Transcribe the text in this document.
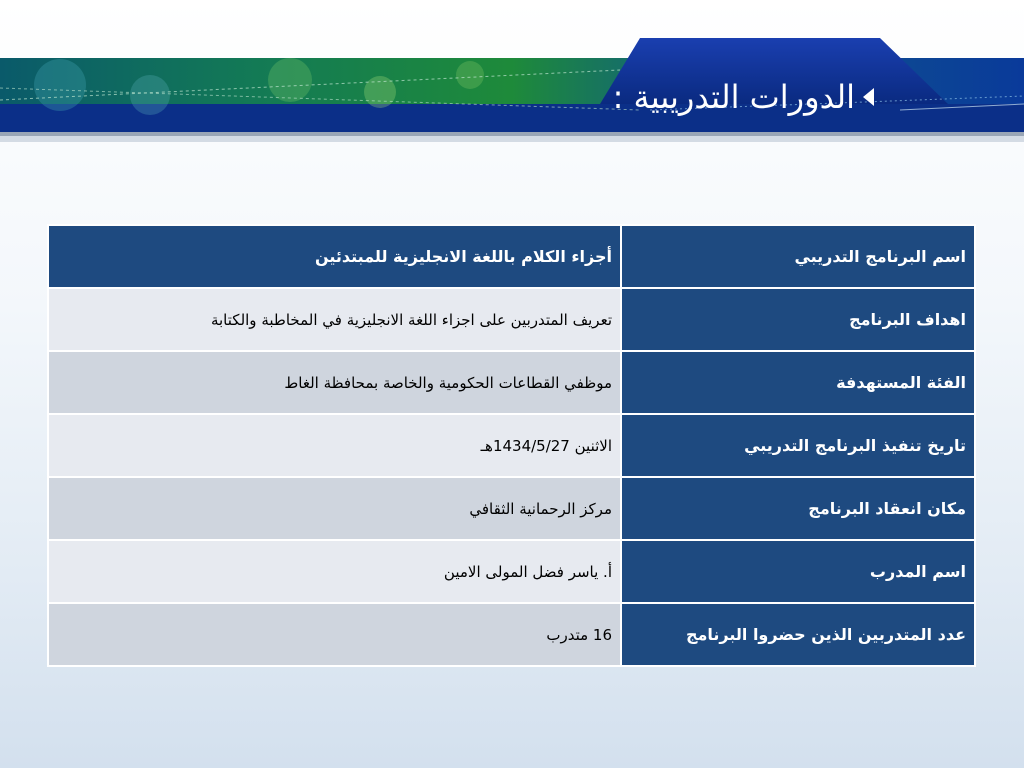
الدورات التدريبية :
اسم البرنامج التدريبي	أجزاء الكلام باللغة الانجليزية للمبتدئين
اهداف البرنامج	تعريف المتدربين على اجزاء اللغة الانجليزية في المخاطبة والكتابة
الفئة المستهدفة	موظفي القطاعات الحكومية والخاصة بمحافظة الغاط
تاريخ تنفيذ البرنامج التدريبي	الاثنين 1434/5/27هـ
مكان انعقاد البرنامج	مركز الرحمانية الثقافي
اسم المدرب	أ. ياسر فضل المولى الامين
عدد المتدربين الذين حضروا البرنامج	16 متدرب
